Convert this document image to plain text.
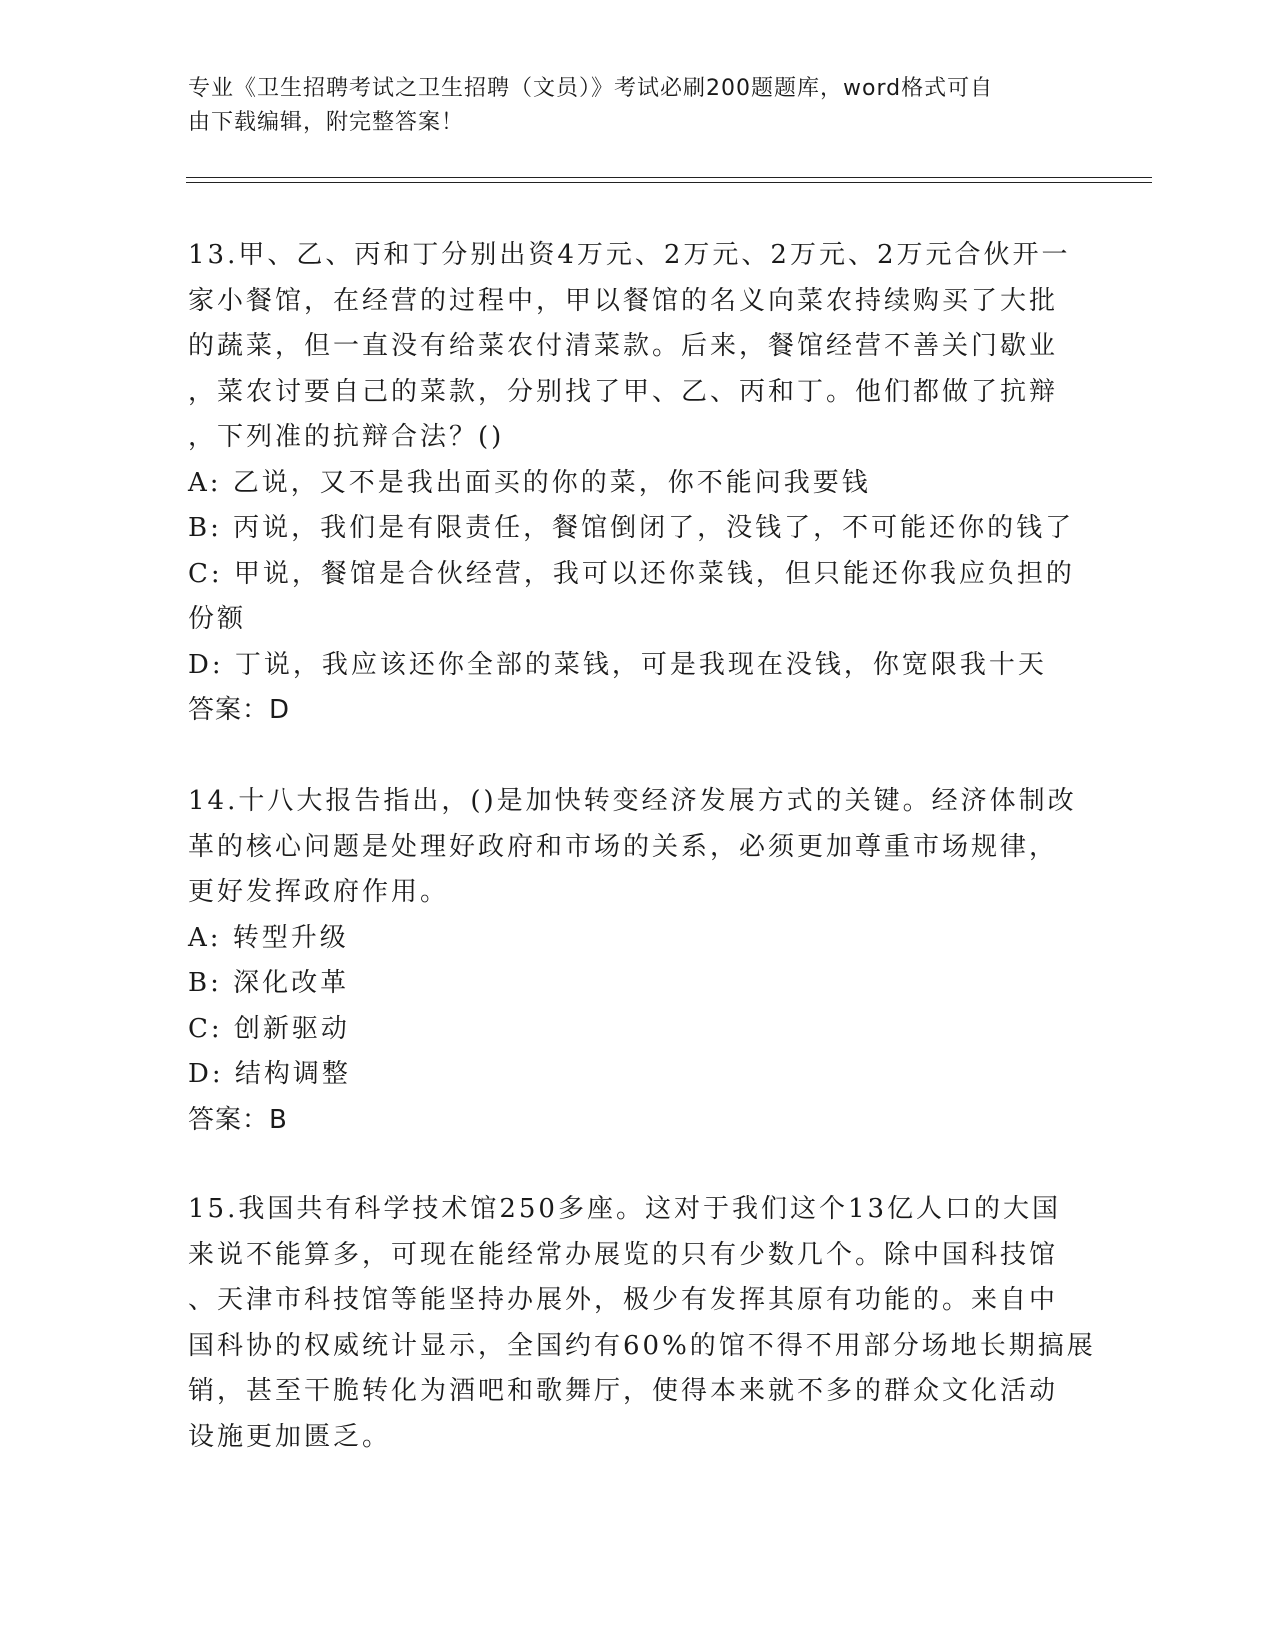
专业《卫生招聘考试之卫生招聘（文员）》考试必刷200题题库，word格式可自
由下载编辑，附完整答案！
13.甲、乙、丙和丁分别出资4万元、2万元、2万元、2万元合伙开一
家小餐馆，在经营的过程中，甲以餐馆的名义向菜农持续购买了大批
的蔬菜，但一直没有给菜农付清菜款。后来，餐馆经营不善关门歇业
，菜农讨要自己的菜款，分别找了甲、乙、丙和丁。他们都做了抗辩
，下列准的抗辩合法？()
A: 乙说，又不是我出面买的你的菜，你不能问我要钱
B: 丙说，我们是有限责任，餐馆倒闭了，没钱了，不可能还你的钱了
C: 甲说，餐馆是合伙经营，我可以还你菜钱，但只能还你我应负担的
份额
D: 丁说，我应该还你全部的菜钱，可是我现在没钱，你宽限我十天
答案：D
14.十八大报告指出，()是加快转变经济发展方式的关键。经济体制改
革的核心问题是处理好政府和市场的关系，必须更加尊重市场规律，
更好发挥政府作用。
A: 转型升级
B: 深化改革
C: 创新驱动
D: 结构调整
答案：B
15.我国共有科学技术馆250多座。这对于我们这个13亿人口的大国
来说不能算多，可现在能经常办展览的只有少数几个。除中国科技馆
、天津市科技馆等能坚持办展外，极少有发挥其原有功能的。来自中
国科协的权威统计显示，全国约有60%的馆不得不用部分场地长期搞展
销，甚至干脆转化为酒吧和歌舞厅，使得本来就不多的群众文化活动
设施更加匮乏。
